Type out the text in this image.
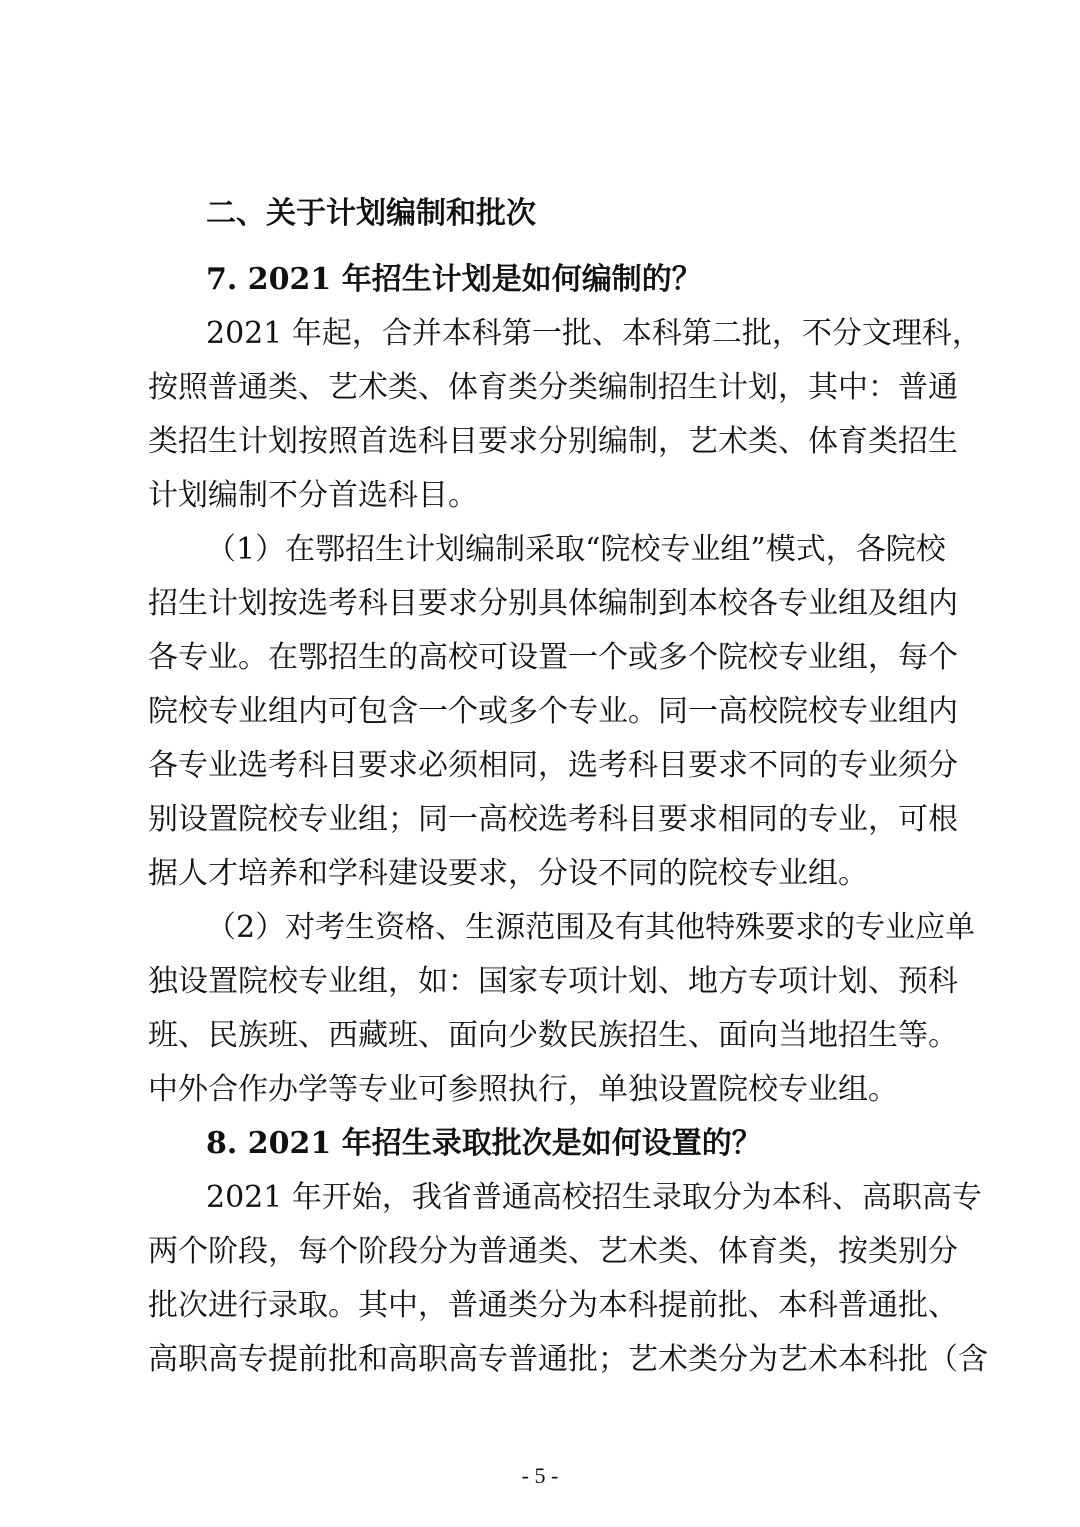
二、关于计划编制和批次
7. 2021 年招生计划是如何编制的？
2021 年起，合并本科第一批、本科第二批，不分文理科，
按照普通类、艺术类、体育类分类编制招生计划，其中：普通
类招生计划按照首选科目要求分别编制，艺术类、体育类招生
计划编制不分首选科目。
（1）在鄂招生计划编制采取“院校专业组”模式，各院校
招生计划按选考科目要求分别具体编制到本校各专业组及组内
各专业。在鄂招生的高校可设置一个或多个院校专业组，每个
院校专业组内可包含一个或多个专业。同一高校院校专业组内
各专业选考科目要求必须相同，选考科目要求不同的专业须分
别设置院校专业组；同一高校选考科目要求相同的专业，可根
据人才培养和学科建设要求，分设不同的院校专业组。
（2）对考生资格、生源范围及有其他特殊要求的专业应单
独设置院校专业组，如：国家专项计划、地方专项计划、预科
班、民族班、西藏班、面向少数民族招生、面向当地招生等。
中外合作办学等专业可参照执行，单独设置院校专业组。
8. 2021 年招生录取批次是如何设置的？
2021 年开始，我省普通高校招生录取分为本科、高职高专
两个阶段，每个阶段分为普通类、艺术类、体育类，按类别分
批次进行录取。其中，普通类分为本科提前批、本科普通批、
高职高专提前批和高职高专普通批；艺术类分为艺术本科批（含
- 5 -
